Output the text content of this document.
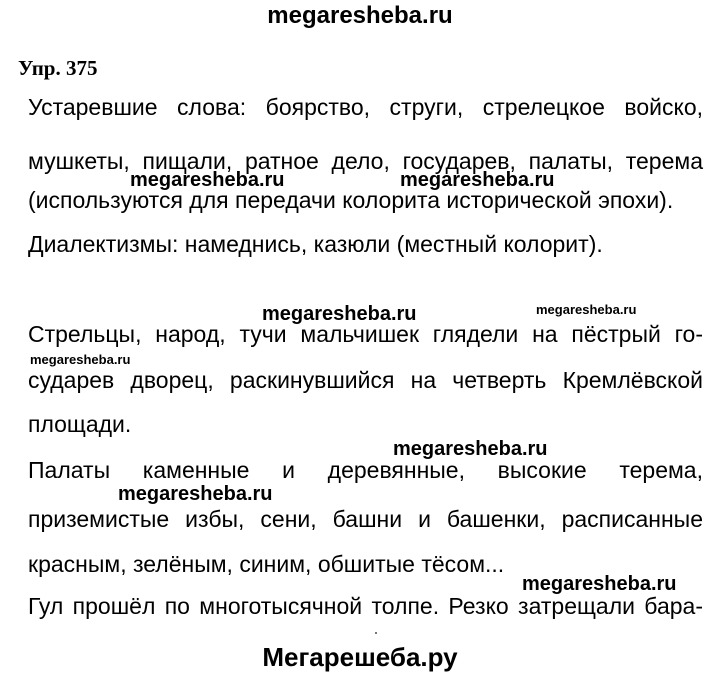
megaresheba.ru
Упр. 375
Устаревшие слова: боярство, струги, стрелецкое войско,
мушкеты, пищали, ратное дело, государев, палаты, терема
(используются для передачи колорита исторической эпохи).
Диалектизмы: намеднись, казюли (местный колорит).
Стрельцы, народ, тучи мальчишек глядели на пёстрый го-
сударев дворец, раскинувшийся на четверть Кремлёвской
площади.
Палаты каменные и деревянные, высокие терема,
приземистые избы, сени, башни и башенки, расписанные
красным, зелёным, синим, обшитые тёсом...
Гул прошёл по многотысячной толпе. Резко затрещали бара-
megaresheba.ru	megaresheba.ru
megaresheba.ru	megaresheba.ru
megaresheba.ru
megaresheba.ru
megaresheba.ru
megaresheba.ru
Мегарешеба.ру
